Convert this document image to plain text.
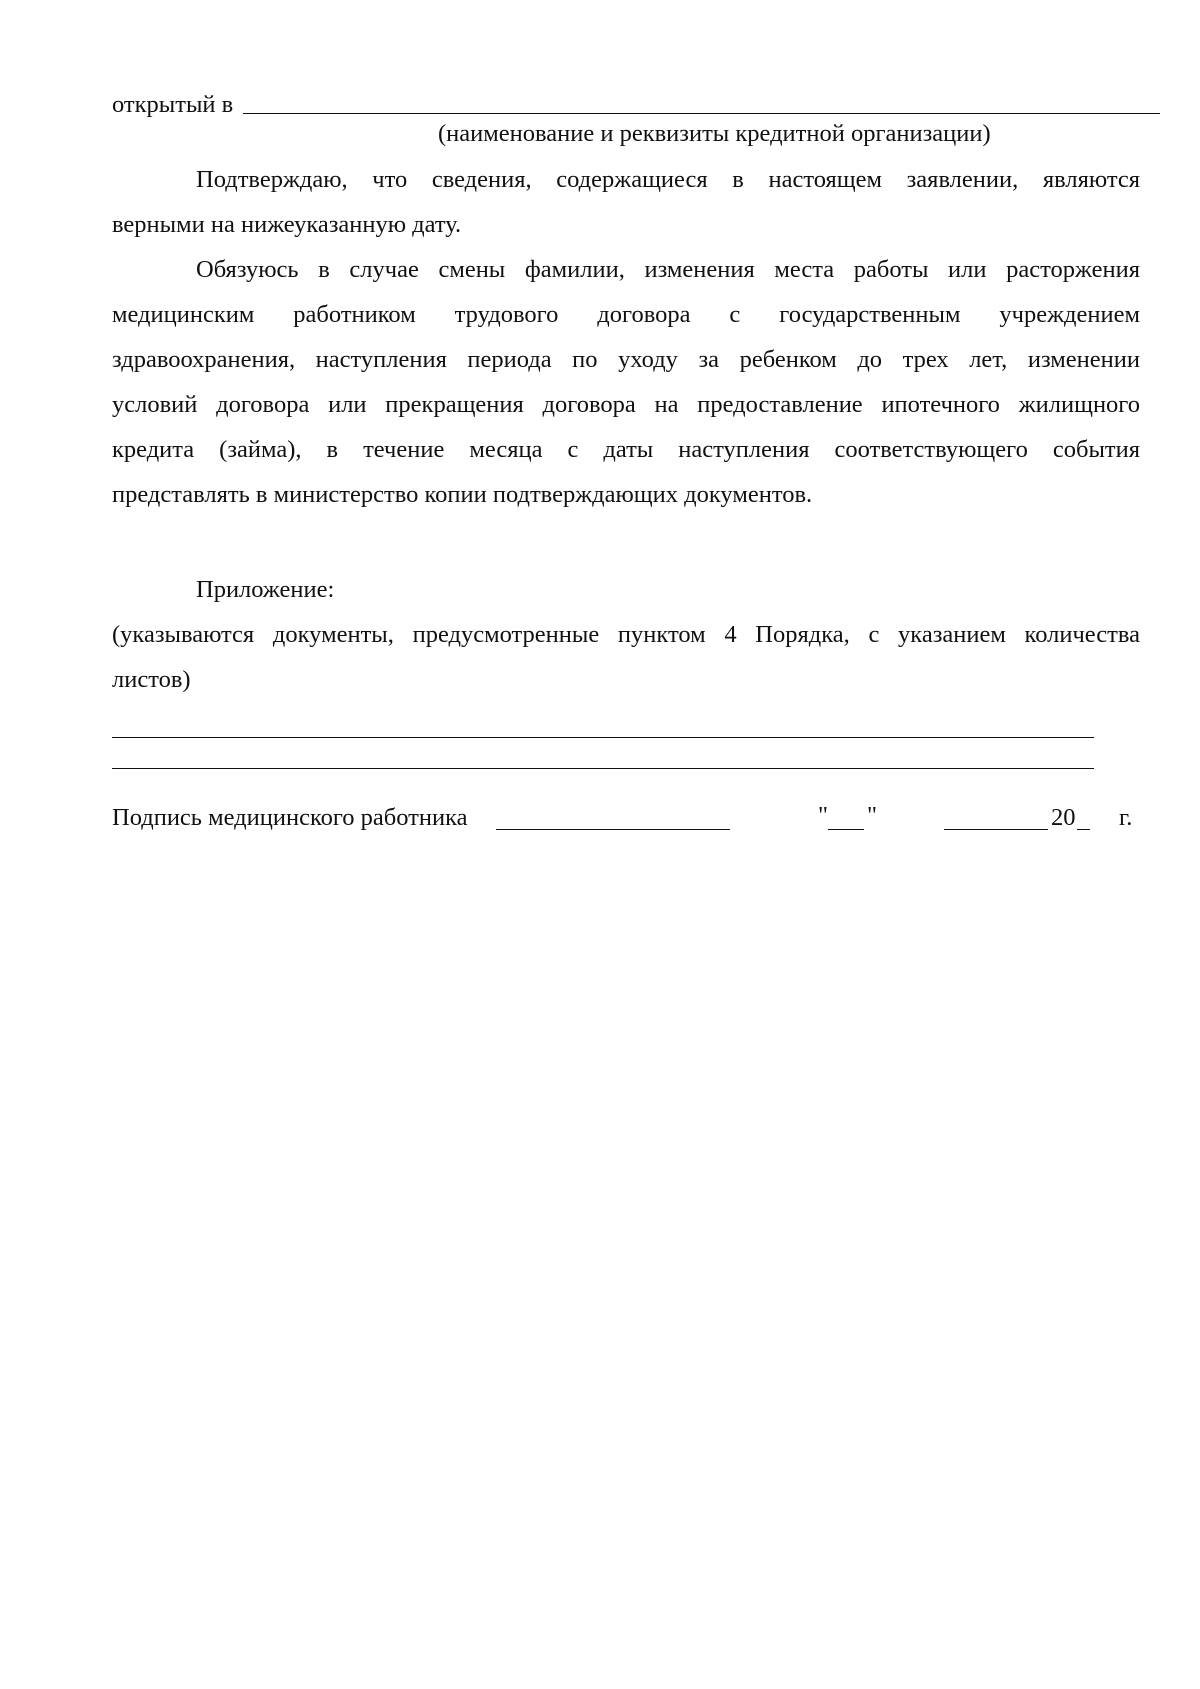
открытый в
(наименование и реквизиты кредитной организации)
Подтверждаю, что сведения, содержащиеся в настоящем заявлении, являются
верными на нижеуказанную дату.
Обязуюсь в случае смены фамилии, изменения места работы или расторжения
медицинским работником трудового договора с государственным учреждением
здравоохранения, наступления периода по уходу за ребенком до трех лет, изменении
условий договора или прекращения договора на предоставление ипотечного жилищного
кредита (займа), в течение месяца с даты наступления соответствующего события
представлять в министерство копии подтверждающих документов.
Приложение:
(указываются документы, предусмотренные пунктом 4 Порядка, с указанием количества
листов)
Подпись медицинского работника	" "	20 г.
